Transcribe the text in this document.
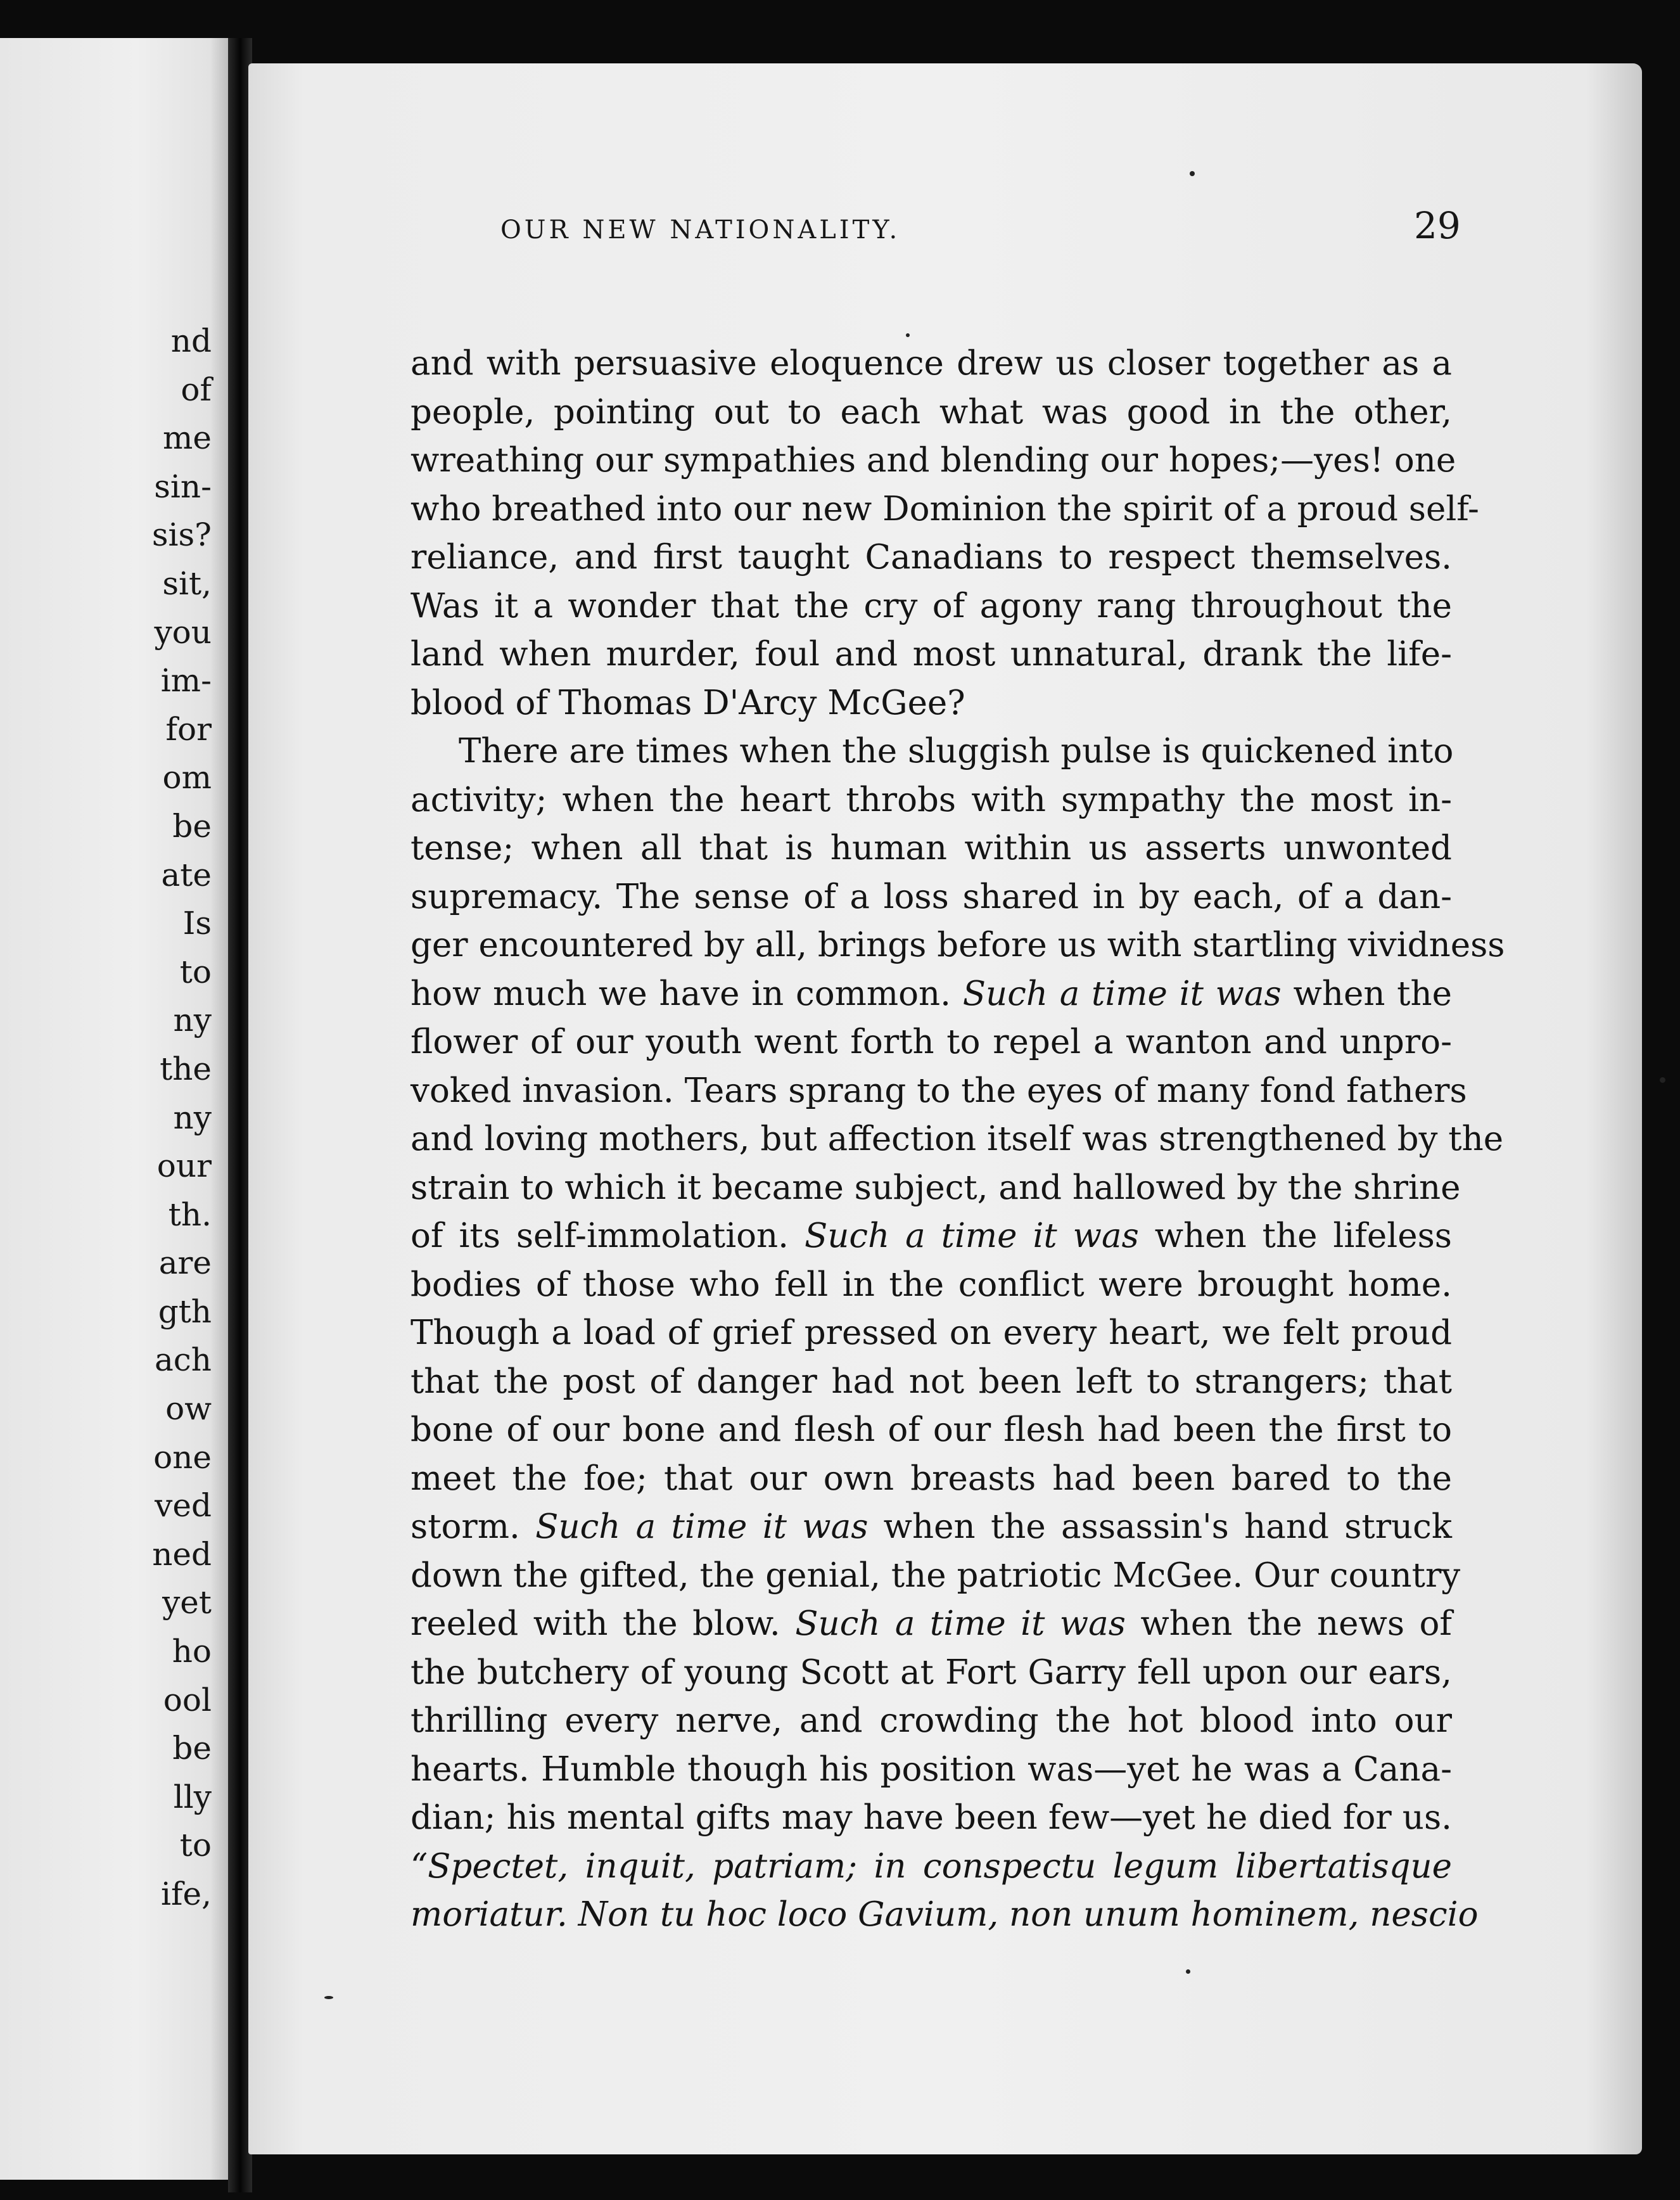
nd
of
me
sin-
sis?
sit,
you
im-
for
om
be
ate
Is
to
ny
the
ny
our
th.
are
gth
ach
ow
one
ved
ned
yet
ho
ool
be
lly
to
ife,
OUR NEW NATIONALITY.	29
and with persuasive eloquence drew us closer together as a
people, pointing out to each what was good in the other,
wreathing our sympathies and blending our hopes;—yes! one
who breathed into our new Dominion the spirit of a proud self-
reliance, and first taught Canadians to respect themselves.
Was it a wonder that the cry of agony rang throughout the
land when murder, foul and most unnatural, drank the life-
blood of Thomas D'Arcy McGee?
There are times when the sluggish pulse is quickened into
activity; when the heart throbs with sympathy the most in-
tense; when all that is human within us asserts unwonted
supremacy. The sense of a loss shared in by each, of a dan-
ger encountered by all, brings before us with startling vividness
how much we have in common. Such a time it was when the
flower of our youth went forth to repel a wanton and unpro-
voked invasion. Tears sprang to the eyes of many fond fathers
and loving mothers, but affection itself was strengthened by the
strain to which it became subject, and hallowed by the shrine
of its self-immolation. Such a time it was when the lifeless
bodies of those who fell in the conflict were brought home.
Though a load of grief pressed on every heart, we felt proud
that the post of danger had not been left to strangers; that
bone of our bone and flesh of our flesh had been the first to
meet the foe; that our own breasts had been bared to the
storm. Such a time it was when the assassin's hand struck
down the gifted, the genial, the patriotic McGee. Our country
reeled with the blow. Such a time it was when the news of
the butchery of young Scott at Fort Garry fell upon our ears,
thrilling every nerve, and crowding the hot blood into our
hearts. Humble though his position was—yet he was a Cana-
dian; his mental gifts may have been few—yet he died for us.
“Spectet, inquit, patriam; in conspectu legum libertatisque
moriatur. Non tu hoc loco Gavium, non unum hominem, nescio
